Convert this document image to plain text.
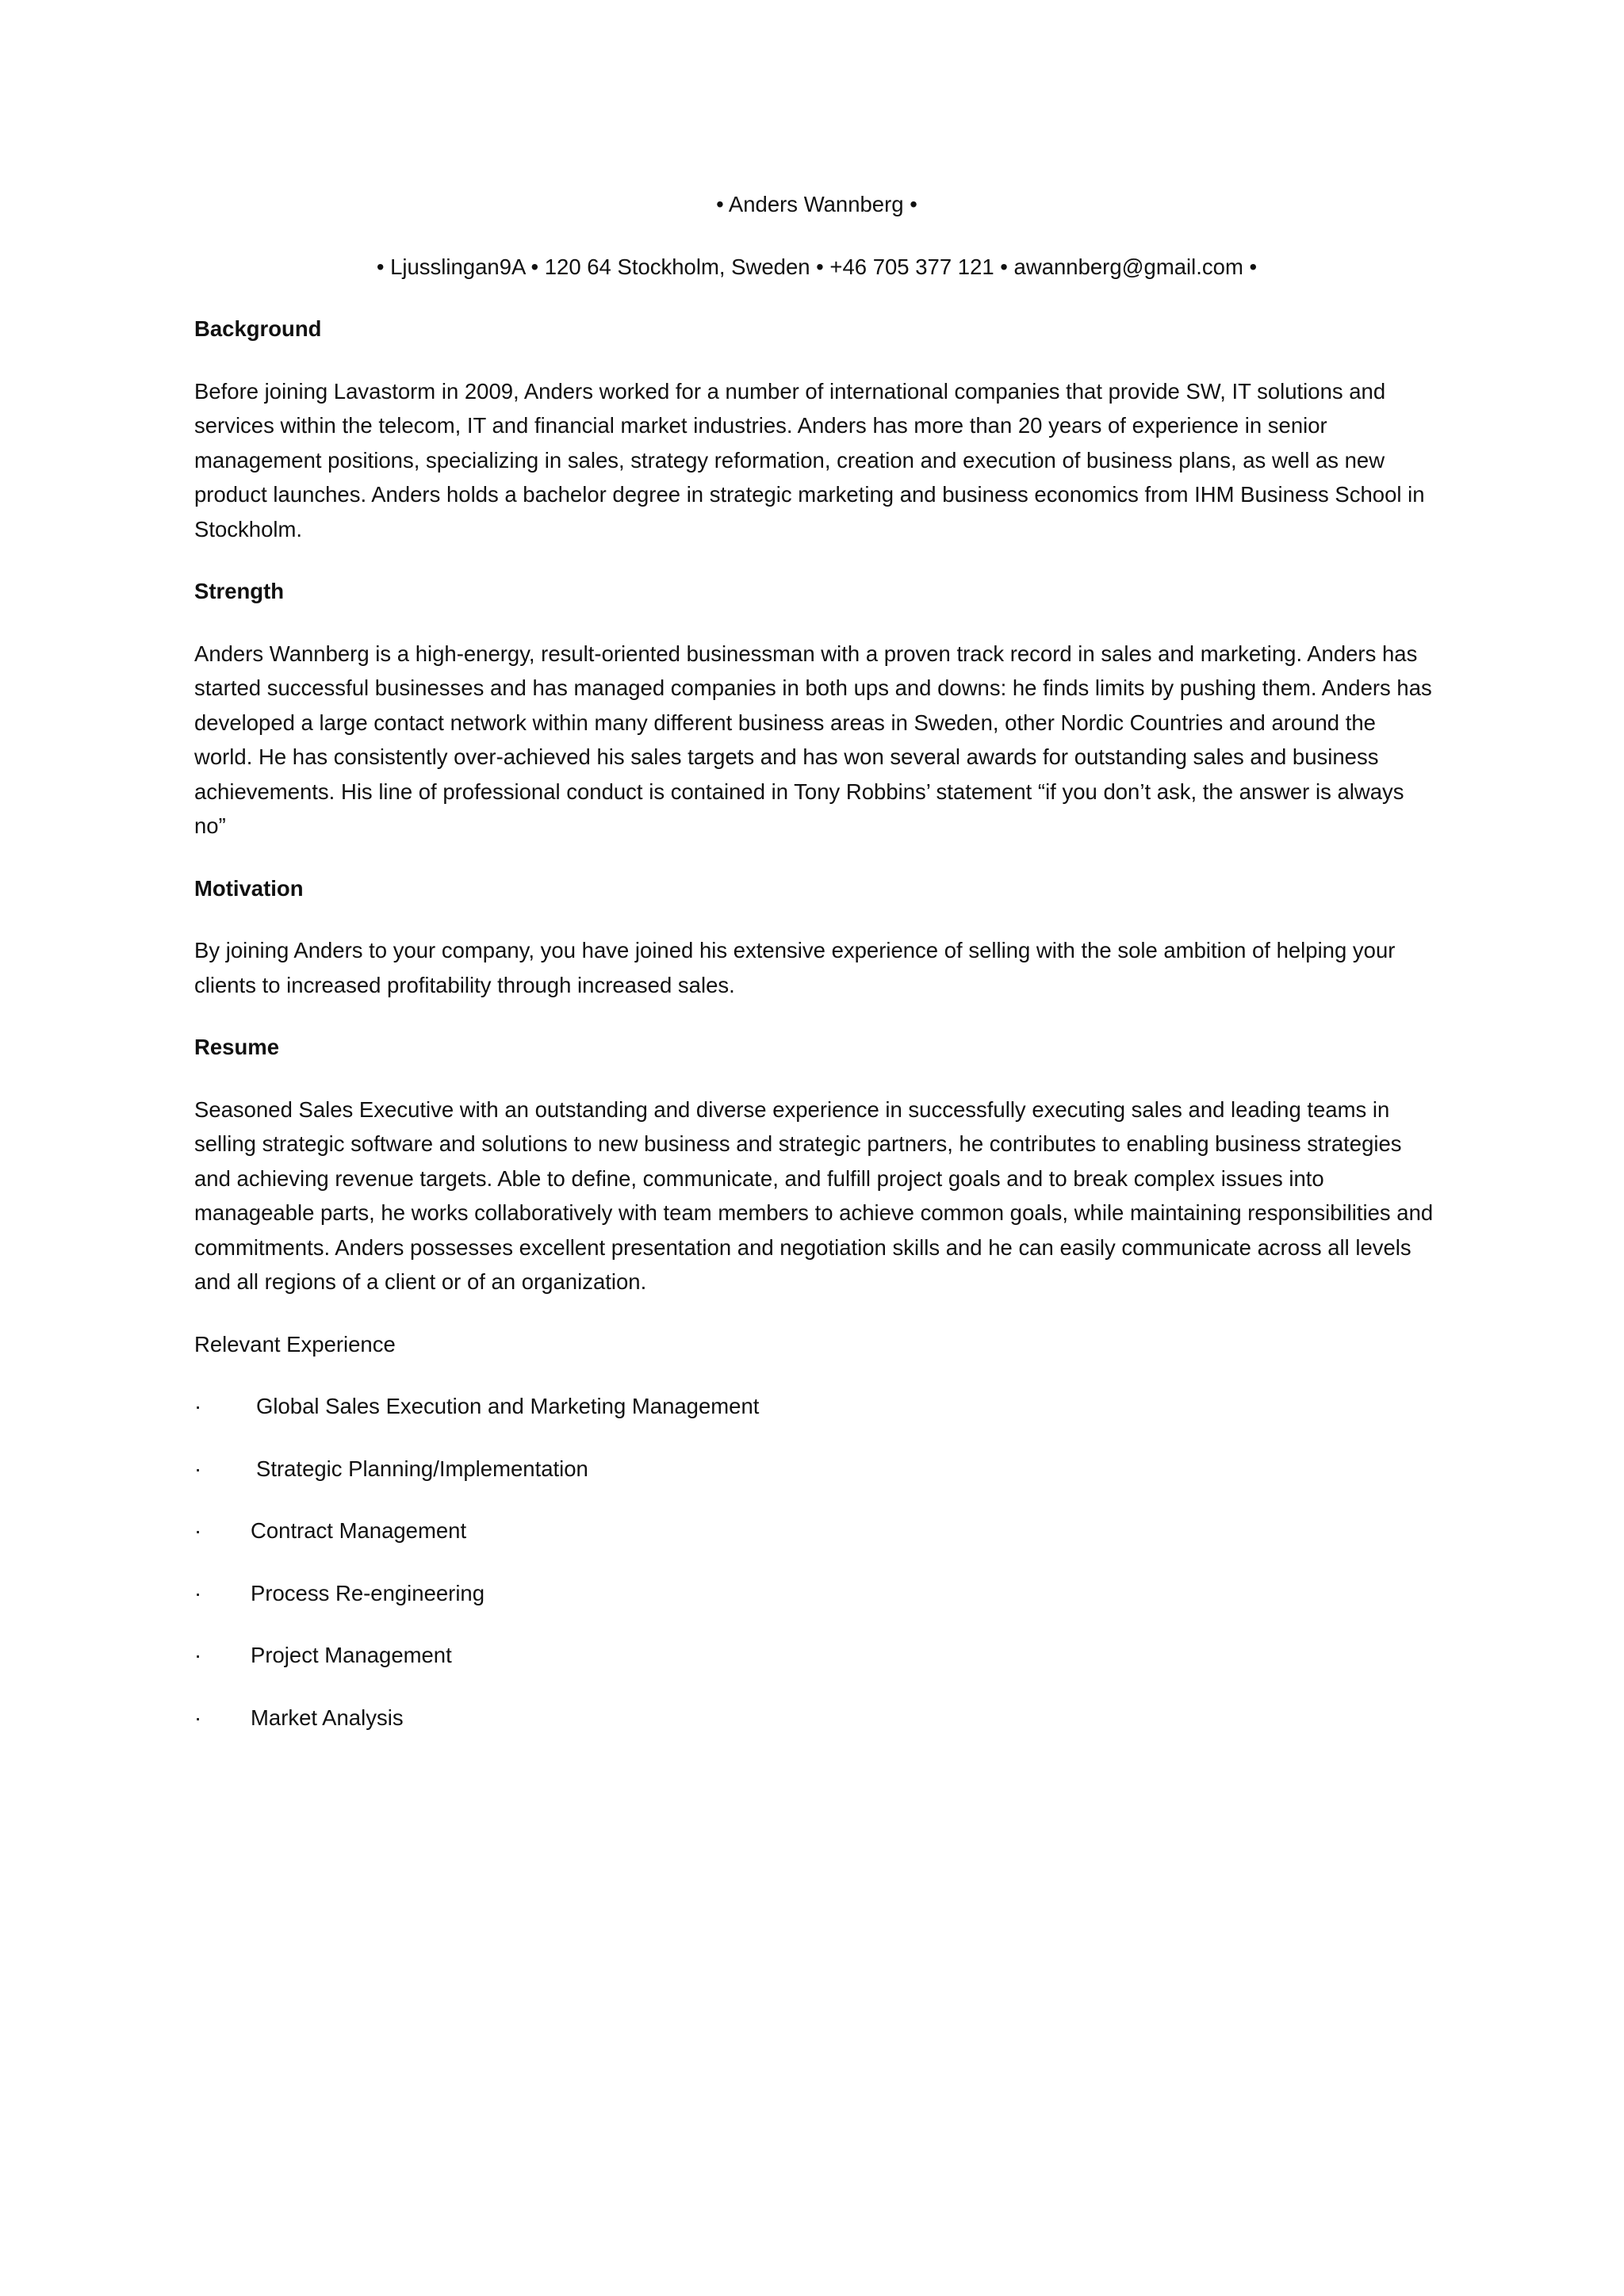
• Anders Wannberg •
• Ljusslingan9A • 120 64 Stockholm, Sweden • +46 705 377 121 • awannberg@gmail.com •
Background
Before joining Lavastorm in 2009, Anders worked for a number of international companies that provide SW, IT solutions and services within the telecom, IT and financial market industries. Anders has more than 20 years of experience in senior management positions, specializing in sales, strategy reformation, creation and execution of business plans, as well as new product launches. Anders holds a bachelor degree in strategic marketing and business economics from IHM Business School in Stockholm.
Strength
Anders Wannberg is a high-energy, result-oriented businessman with a proven track record in sales and marketing. Anders has started successful businesses and has managed companies in both ups and downs: he finds limits by pushing them. Anders has developed a large contact network within many different business areas in Sweden, other Nordic Countries and around the world. He has consistently over-achieved his sales targets and has won several awards for outstanding sales and business achievements. His line of professional conduct is contained in Tony Robbins’ statement “if you don’t ask, the answer is always no”
Motivation
By joining Anders to your company, you have joined his extensive experience of selling with the sole ambition of helping your clients to increased profitability through increased sales.
Resume
Seasoned Sales Executive with an outstanding and diverse experience in successfully executing sales and leading teams in selling strategic software and solutions to new business and strategic partners, he contributes to enabling business strategies and achieving revenue targets. Able to define, communicate, and fulfill project goals and to break complex issues into manageable parts, he works collaboratively with team members to achieve common goals, while maintaining responsibilities and commitments. Anders possesses excellent presentation and negotiation skills and he can easily communicate across all levels and all regions of a client or of an organization.
Relevant Experience
·	Global Sales Execution and Marketing Management
·	Strategic Planning/Implementation
· Contract Management
· Process Re-engineering
· Project Management
· Market Analysis
